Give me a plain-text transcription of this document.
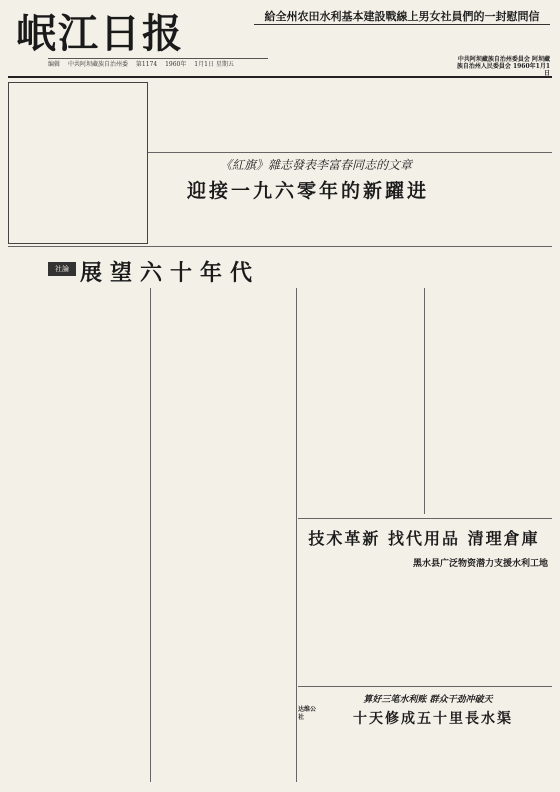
岷江日报
编辑 中共阿坝藏族自治州委 第1174 1960年 1月1日 星期五
給全州农田水利基本建設戰線上男女社員們的一封慰問信
中共阿坝藏族自治州委員会 阿坝藏族自治州人民委員会 1960年1月1日
《紅旗》雜志發表李富春同志的文章
迎接一九六零年的新躍进
社論 展望六十年代
技术革新 找代用品 清理倉庫
黑水县广泛物资潜力支援水利工地
算好三笔水利账 群众干劲冲破天
达维公社	十天修成五十里長水渠
